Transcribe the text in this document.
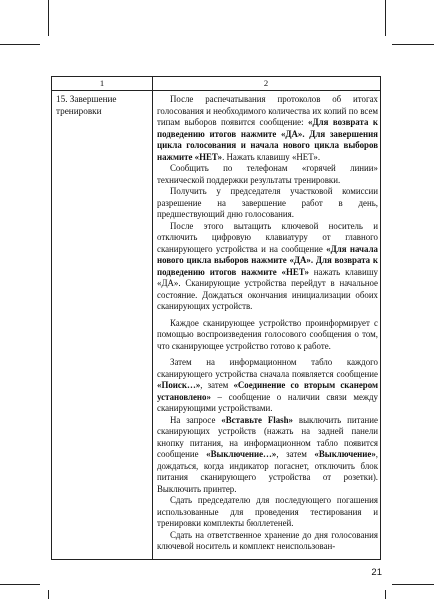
1	2
15. Завершение тренировки

После распечатывания протоколов об итогах голосования и необходимого количества их копий по всем типам выборов появится сообщение: «Для возврата к подведению итогов нажмите «ДА». Для завершения цикла голосования и начала нового цикла выборов нажмите «НЕТ». Нажать клавишу «НЕТ».

Сообщить по телефонам «горячей линии» технической поддержки результаты тренировки.

Получить у председателя участковой комиссии разрешение на завершение работ в день, предшествующий дню голосования.

После этого вытащить ключевой носитель и отключить цифровую клавиатуру от главного сканирующего устройства и на сообщение «Для начала нового цикла выборов нажмите «ДА». Для возврата к подведению итогов нажмите «НЕТ» нажать клавишу «ДА». Сканирующие устройства перейдут в начальное состояние. Дождаться окончания инициализации обоих сканирующих устройств.

Каждое сканирующее устройство проинформирует с помощью воспроизведения голосового сообщения о том, что сканирующее устройство готово к работе.

Затем на информационном табло каждого сканирующего устройства сначала появляется сообщение «Поиск…», затем «Соединение со вторым сканером установлено» – сообщение о наличии связи между сканирующими устройствами.

На запросе «Вставьте Flash» выключить питание сканирующих устройств (нажать на задней панели кнопку питания, на информационном табло появится сообщение «Выключение…», затем «Выключение», дождаться, когда индикатор погаснет, отключить блок питания сканирующего устройства от розетки). Выключить принтер.

Сдать председателю для последующего погашения использованные для проведения тестирования и тренировки комплекты бюллетеней.

Сдать на ответственное хранение до дня голосования ключевой носитель и комплект неиспользован-

21
